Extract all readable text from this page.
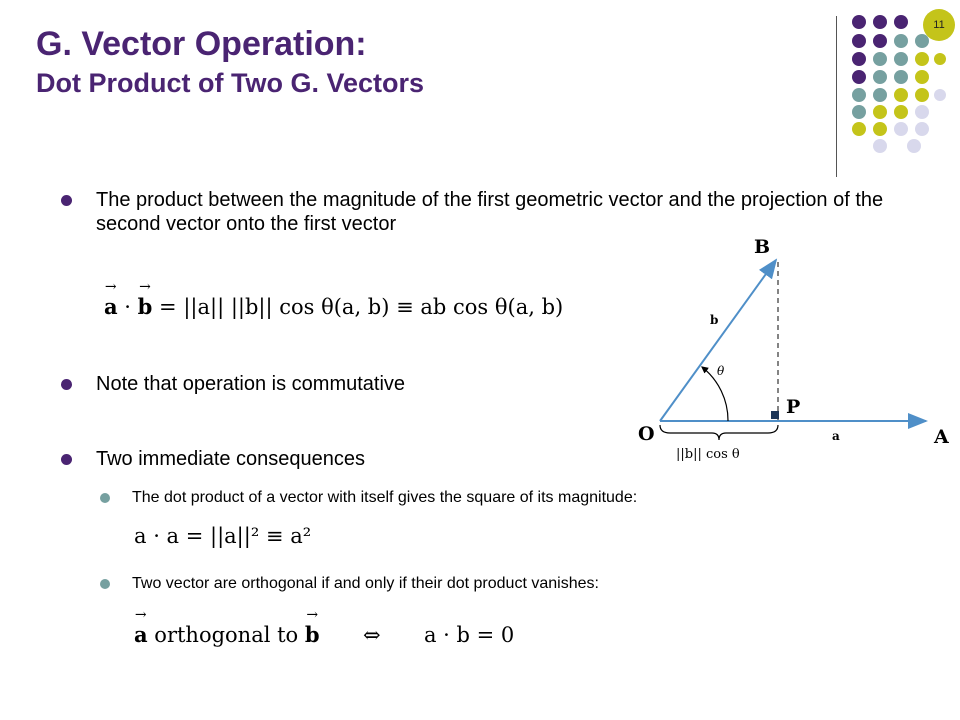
G. Vector Operation:
Dot Product of Two G. Vectors
11
The product between the magnitude of the first geometric vector and the projection of the second vector onto the first vector
→ a · → b = ||a|| ||b|| cos θ(a, b) ≡ ab cos θ(a, b)
Note that operation is commutative
Two immediate consequences
The dot product of a vector with itself gives the square of its magnitude:
a · a = ||a||² ≡ a²
Two vector are orthogonal if and only if their dot product vanishes:
→ a orthogonal to → b ⇔ a · b = 0
O	A
B
P
a
b
θ
||b|| cos θ
